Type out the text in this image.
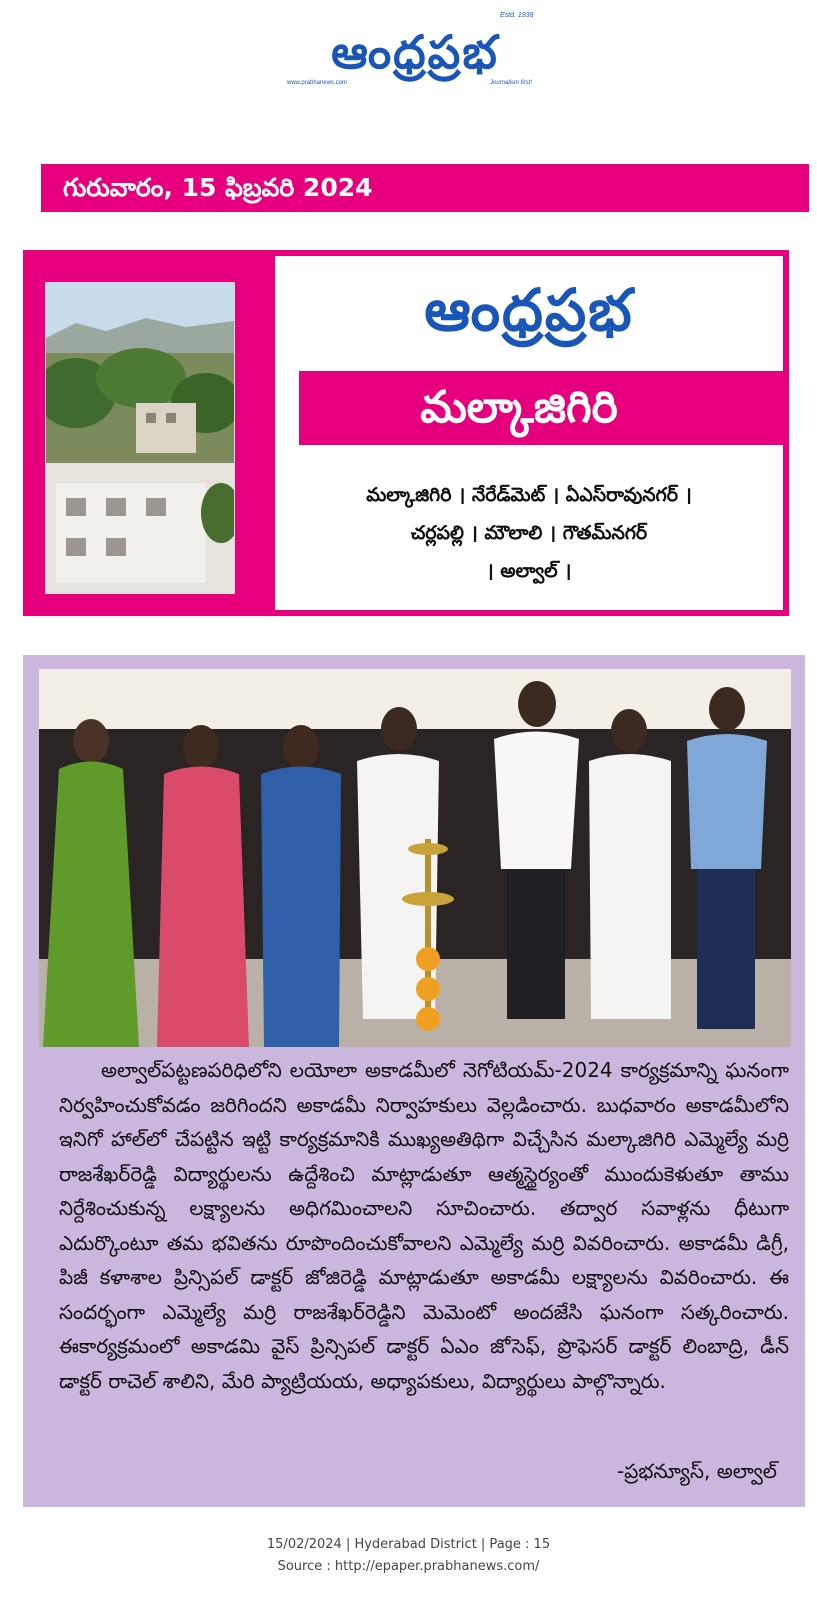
ఆంధ్రప్రభ
Estd. 1938
www.prabhanews.com	Journalism first!
గురువారం, 15 ఫిబ్రవరి 2024
ఆంధ్రప్రభ
మల్కాజిగిరి
మల్కాజిగిరి । నేరేడ్‌మెట్ । ఏఎస్‌రావునగర్ ।
చర్లపల్లి । మౌలాలి । గౌతమ్‌నగర్
। అల్వాల్ ।

అల్వాల్‌పట్టణపరిధిలోని లయోలా అకాడమీలో నెగోటియమ్-2024 కార్యక్రమాన్ని ఘనంగా నిర్వహించుకోవడం జరిగిందని అకాడమీ నిర్వాహకులు వెల్లడించారు. బుధవారం అకాడమీలోని ఇనిగో హాల్‌లో చేపట్టిన ఇట్టి కార్యక్రమానికి ముఖ్యఅతిథిగా విచ్చేసిన మల్కాజిగిరి ఎమ్మెల్యే మర్రి రాజశేఖర్‌రెడ్డి విద్యార్థులను ఉద్దేశించి మాట్లాడుతూ ఆత్మస్థైర్యంతో ముందుకెళుతూ తాము నిర్దేశించుకున్న లక్ష్యాలను అధిగమించాలని సూచించారు. తద్వార సవాళ్లను ధీటుగా ఎదుర్కొంటూ తమ భవితను రూపొందించుకోవాలని ఎమ్మెల్యే మర్రి వివరించారు. అకాడమీ డిగ్రీ, పిజీ కళాశాల ప్రిన్సిపల్ డాక్టర్ జోజిరెడ్డి మాట్లాడుతూ అకాడమీ లక్ష్యాలను వివరించారు. ఈ సందర్భంగా ఎమ్మెల్యే మర్రి రాజశేఖర్‌రెడ్డిని మెమెంటో అందజేసి ఘనంగా సత్కరించారు. ఈకార్యక్రమంలో అకాడమి వైస్ ప్రిన్సిపల్ డాక్టర్ ఏఎం జోసెఫ్, ప్రొఫెసర్ డాక్టర్ లింబాద్రి, డీన్ డాక్టర్ రాచెల్ శాలిని, మేరి ప్యాట్రియయ, అధ్యాపకులు, విద్యార్థులు పాల్గొన్నారు.

-ప్రభన్యూస్, అల్వాల్
15/02/2024 | Hyderabad District | Page : 15
Source : http://epaper.prabhanews.com/
